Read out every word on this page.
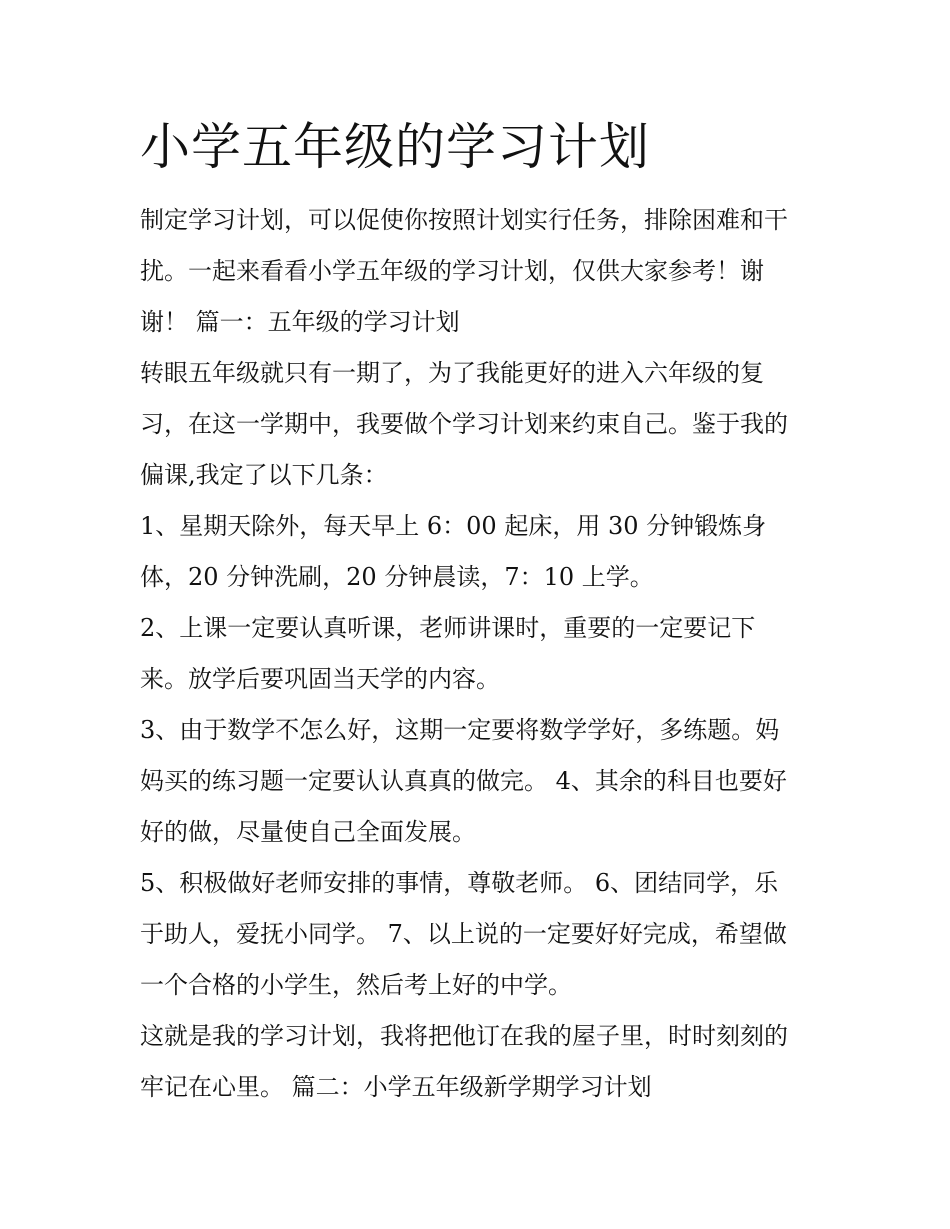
小学五年级的学习计划
制定学习计划，可以促使你按照计划实行任务，排除困难和干
扰。一起来看看小学五年级的学习计划，仅供大家参考！谢
谢！ 篇一：五年级的学习计划
转眼五年级就只有一期了，为了我能更好的进入六年级的复
习，在这一学期中，我要做个学习计划来约束自己。鉴于我的
偏课,我定了以下几条：
1、星期天除外，每天早上 6：00 起床，用 30 分钟锻炼身
体，20 分钟洗刷，20 分钟晨读，7：10 上学。
2、上课一定要认真听课，老师讲课时，重要的一定要记下
来。放学后要巩固当天学的内容。
3、由于数学不怎么好，这期一定要将数学学好，多练题。妈
妈买的练习题一定要认认真真的做完。 4、其余的科目也要好
好的做，尽量使自己全面发展。
5、积极做好老师安排的事情，尊敬老师。 6、团结同学，乐
于助人，爱抚小同学。 7、以上说的一定要好好完成，希望做
一个合格的小学生，然后考上好的中学。
这就是我的学习计划，我将把他订在我的屋子里，时时刻刻的
牢记在心里。 篇二：小学五年级新学期学习计划
